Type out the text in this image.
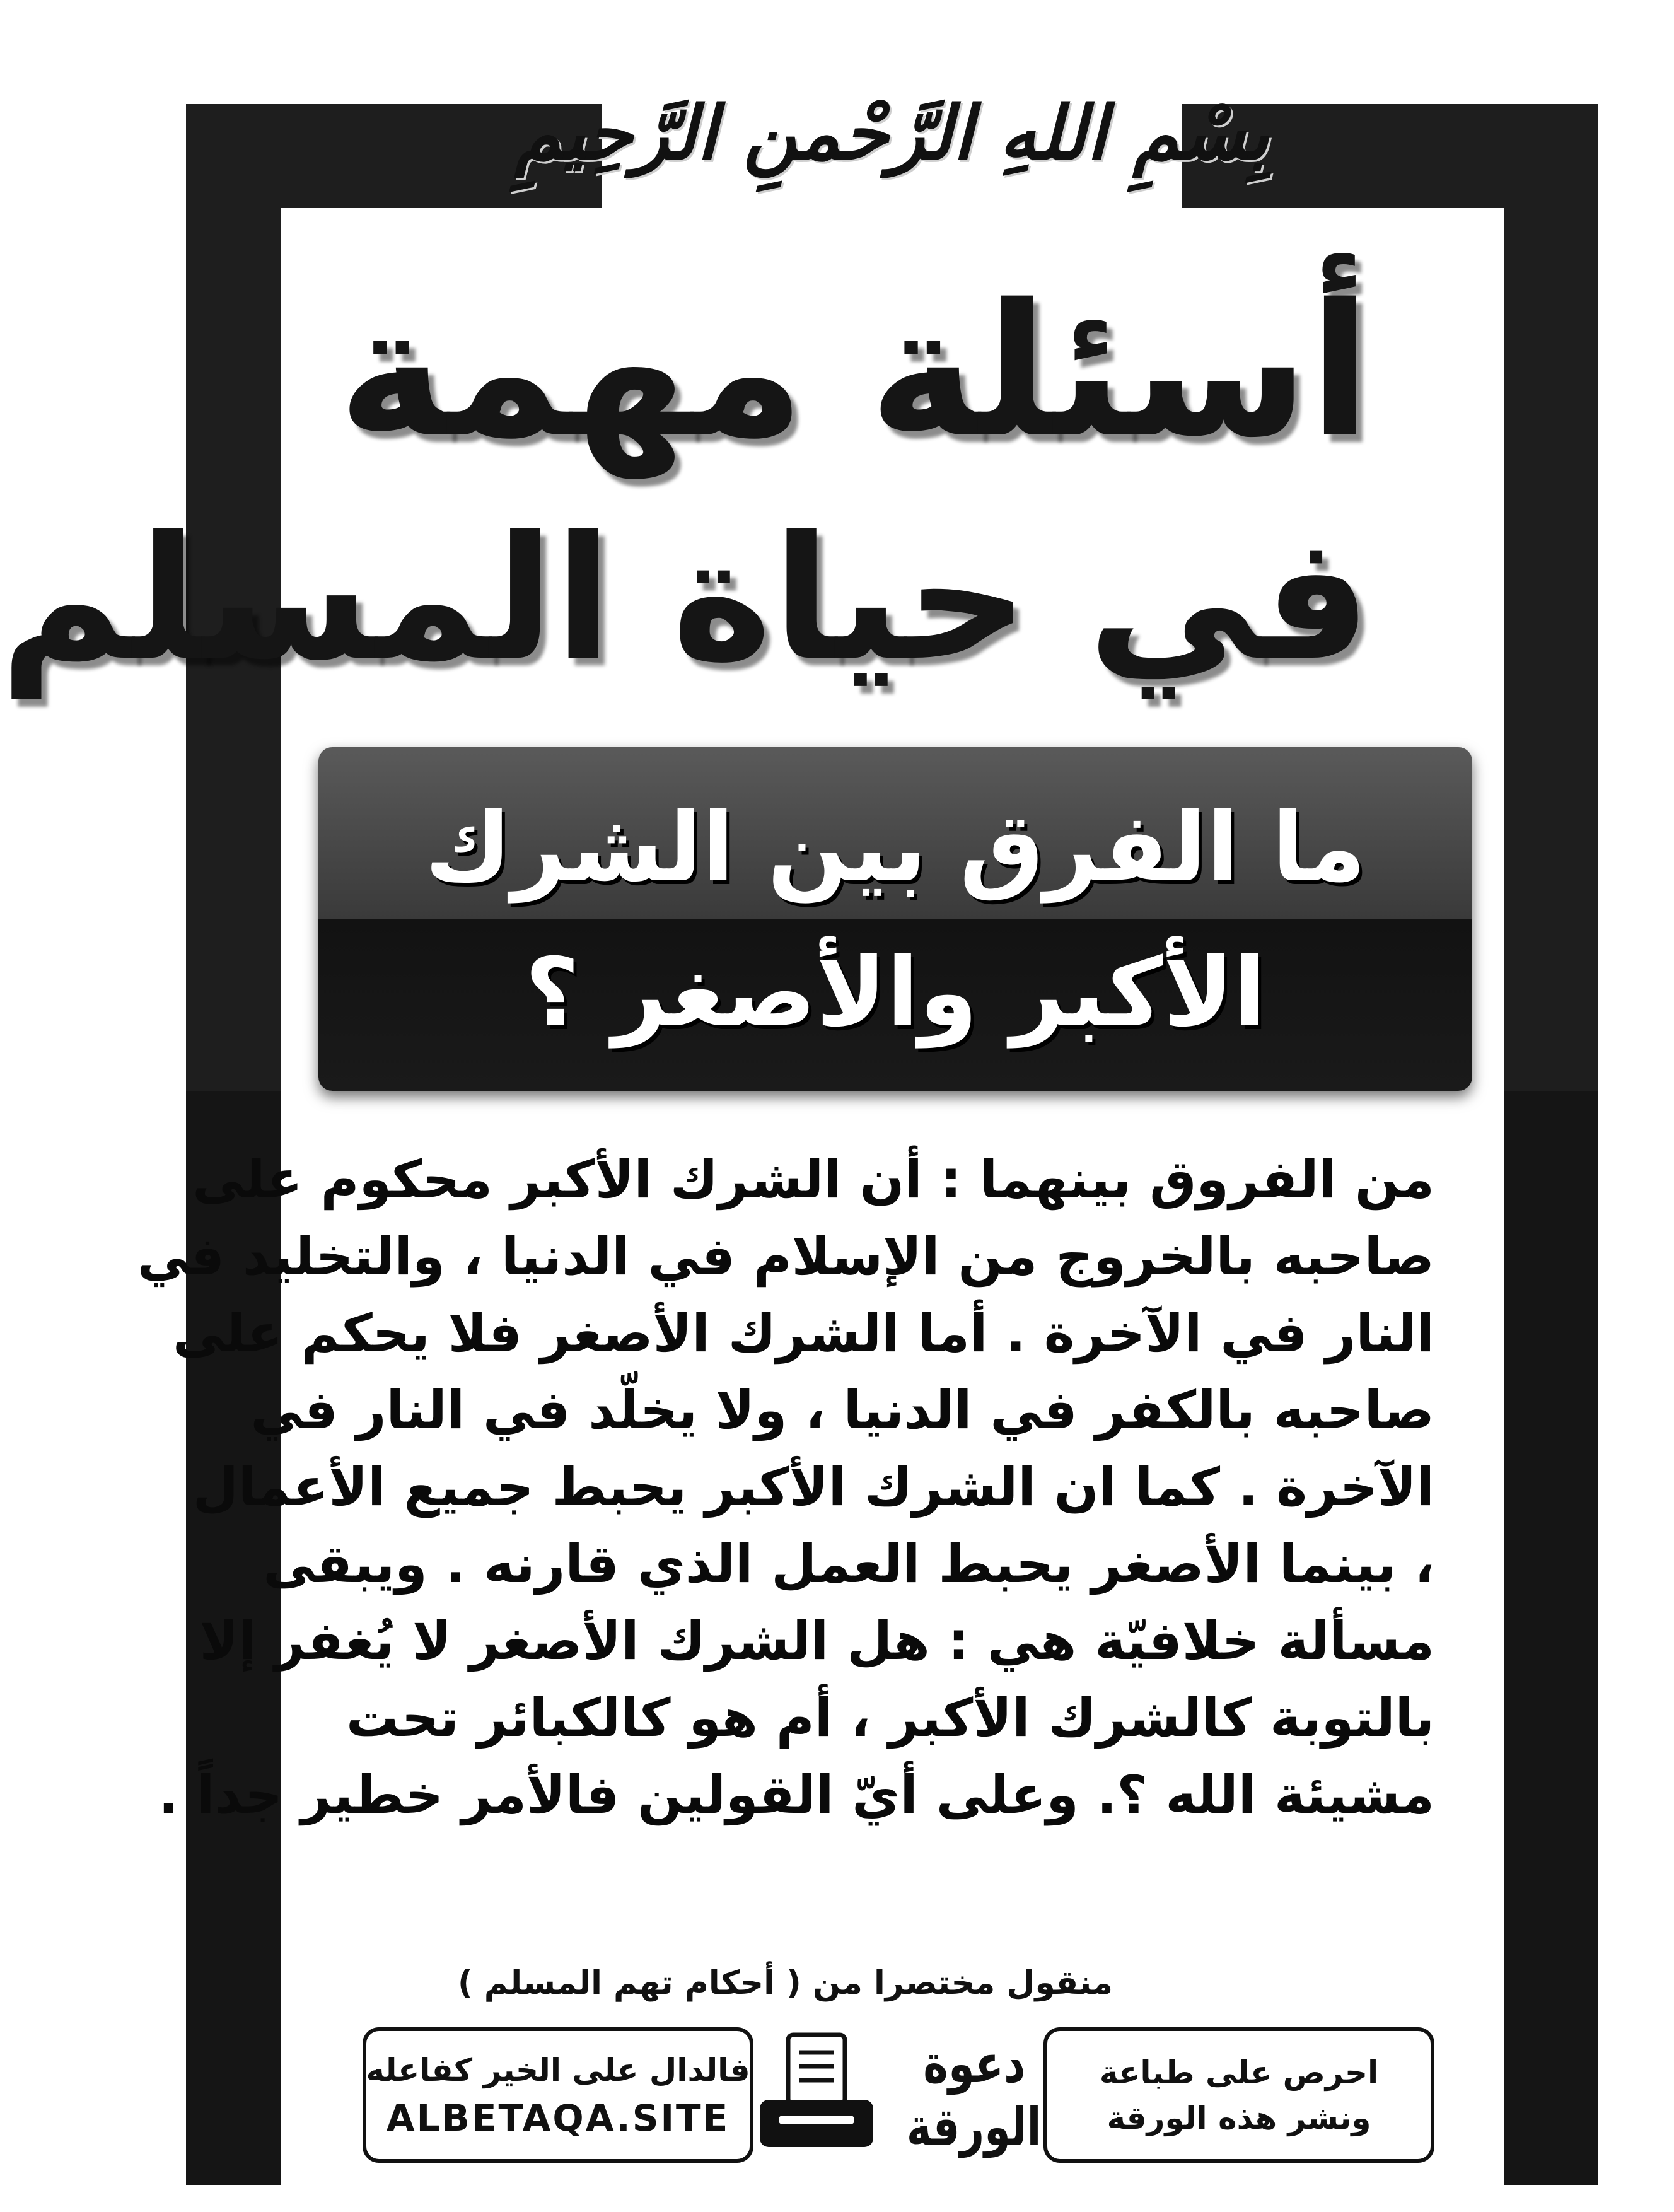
بِسْمِ اللهِ الرَّحْمنِ الرَّحِيمِ
أسئلة مهمة
في حياة المسلم
ما الفرق بين الشرك
الأكبر والأصغر ؟
من الفروق بينهما : أن الشرك الأكبر محكوم على
صاحبه بالخروج من الإسلام في الدنيا ، والتخليد في
النار في الآخرة . أما الشرك الأصغر فلا يحكم على
صاحبه بالكفر في الدنيا ، ولا يخلّد في النار في
الآخرة . كما ان الشرك الأكبر يحبط جميع الأعمال
، بينما الأصغر يحبط العمل الذي قارنه . ويبقى
مسألة خلافيّة هي : هل الشرك الأصغر لا يُغفر إلا
بالتوبة كالشرك الأكبر ، أم هو كالكبائر تحت
مشيئة الله ؟. وعلى أيّ القولين فالأمر خطير جداً .
منقول مختصرا من ( أحكام تهم المسلم )
احرص على طباعة
ونشر هذه الورقة
دعوة
الورقة
فالدال على الخير كفاعله
ALBETAQA.SITE
